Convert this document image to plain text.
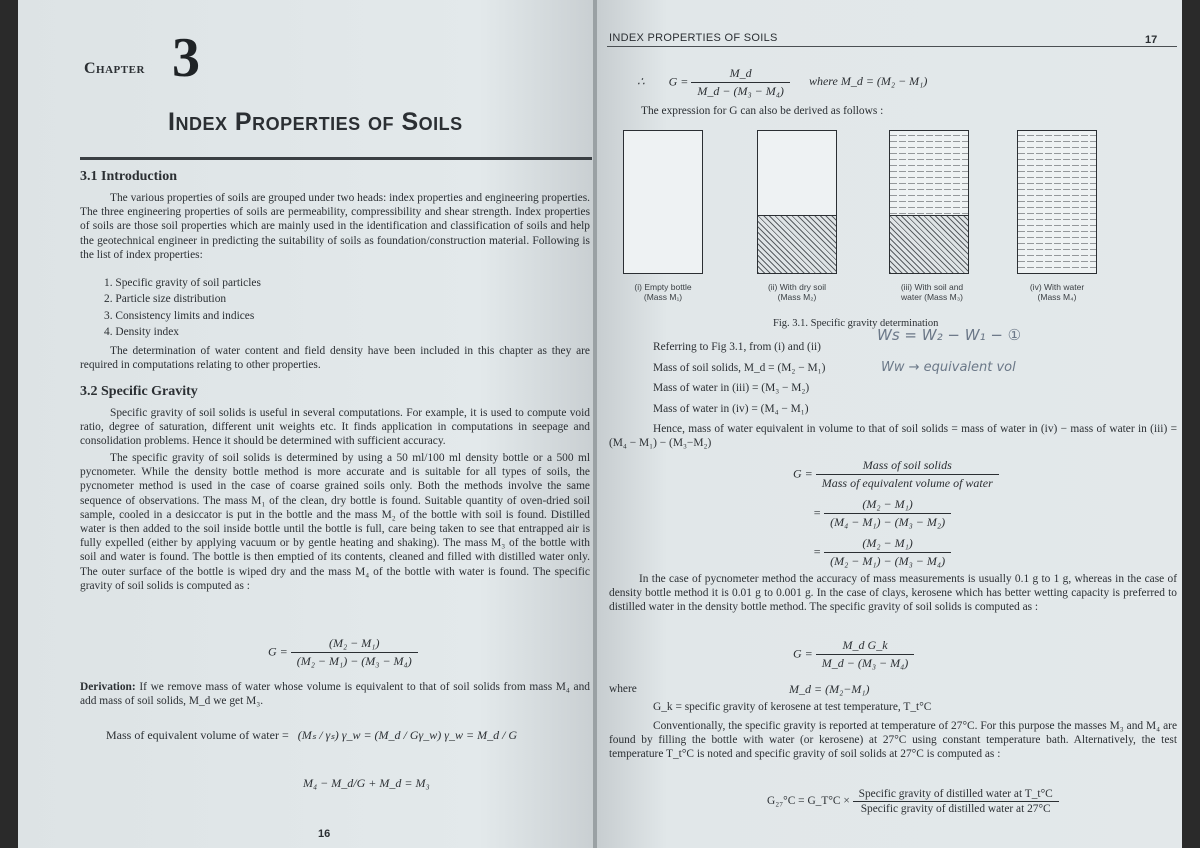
Chapter 3
Index Properties of Soils
3.1 Introduction

The various properties of soils are grouped under two heads: index properties and engineering properties. The three engineering properties of soils are permeability, compressibility and shear strength. Index properties of soils are those soil properties which are mainly used in the identification and classification of soils and help the geotechnical engineer in predicting the suitability of soils as foundation/construction material. Following is the list of index properties:

1. Specific gravity of soil particles
2. Particle size distribution
3. Consistency limits and indices
4. Density index

The determination of water content and field density have been included in this chapter as they are required in computations relating to other properties.

3.2 Specific Gravity

Specific gravity of soil solids is useful in several computations. For example, it is used to compute void ratio, degree of saturation, different unit weights etc. It finds application in computations in seepage and consolidation problems. Hence it should be determined with sufficient accuracy.

The specific gravity of soil solids is determined by using a 50 ml/100 ml density bottle or a 500 ml pycnometer. While the density bottle method is more accurate and is suitable for all types of soils, the pycnometer method is used in the case of coarse grained soils only. Both the methods involve the same sequence of observations. The mass M₁ of the clean, dry bottle is found. Suitable quantity of oven-dried soil sample, cooled in a desiccator is put in the bottle and the mass M₂ of the bottle with soil is found. Distilled water is then added to the soil inside bottle until the bottle is full, care being taken to see that entrapped air is fully expelled (either by applying vacuum or by gentle heating and shaking). The mass M₃ of the bottle with soil and water is found. The bottle is then emptied of its contents, cleaned and filled with distilled water only. The outer surface of the bottle is wiped dry and the mass M₄ of the bottle with water is found. The specific gravity of soil solids is computed as :

$G = \frac{\text{(M₂ − M₁)}}{\text{(M₂ − M₁) − (M₃ − M₄)}}$

Derivation: If we remove mass of water whose volume is equivalent to that of soil solids from mass M₄ and add mass of soil solids, M_d we get M₃.

Mass of equivalent volume of water = (Mₛ / γₛ) γ_w = (M_d / Gγ_w) γ_w = M_d / G
M₄ − M_d/G + M_d = M₃
16
INDEX PROPERTIES OF SOILS	17
∴        $G = \frac{M\_d}{\text{M\_d − (M₃ − M₄)}}$ where M_d = (M₂ − M₁)
The expression for G can also be derived as follows :
(i) Empty bottle
(Mass M₁)
(ii) With dry soil
(Mass M₂)
(iii) With soil and
water (Mass M₃)
(iv) With water
(Mass M₄)
Fig. 3.1. Specific gravity determination
Referring to Fig 3.1, from (i) and (ii)
Mass of soil solids, M_d = (M₂ − M₁)
Mass of water in (iii) = (M₃ − M₂)
Mass of water in (iv) = (M₄ − M₁)
Ws = W₂ − W₁ − ①
Ww → equivalent vol

Hence, mass of water equivalent in volume to that of soil solids = mass of water in (iv) − mass of water in (iii) = (M₄ − M₁) − (M₃−M₂)

$G = \frac{\text{Mass of soil solids}}{\text{Mass of equivalent volume of water}}$
= $\frac{\text{(M₂ − M₁)}}{\text{(M₄ − M₁) − (M₃ − M₂)}}$
= $\frac{\text{(M₂ − M₁)}}{\text{(M₂ − M₁) − (M₃ − M₄)}}$

In the case of pycnometer method the accuracy of mass measurements is usually 0.1 g to 1 g, whereas in the case of density bottle method it is 0.01 g to 0.001 g. In the case of clays, kerosene which has better wetting capacity is preferred to distilled water in the density bottle method. The specific gravity of soil solids is computed as :

$G = \frac{\text{M\_d G\_k}}{\text{M\_d − (M₃ − M₄)}}$
where	M_d = (M₂−M₁)
G_k = specific gravity of kerosene at test temperature, T_t°C

Conventionally, the specific gravity is reported at temperature of 27°C. For this purpose the masses M₃ and M₄ are found by filling the bottle with water (or kerosene) at 27°C using constant temperature bath. Alternatively, the test temperature T_t°C is noted and specific gravity of soil solids at 27°C is computed as :

G₂₇°C = G_T°C × $\frac{\text{Specific gravity of distilled water at T\_t°C}}{\text{Specific gravity of distilled water at 27°C}}$
